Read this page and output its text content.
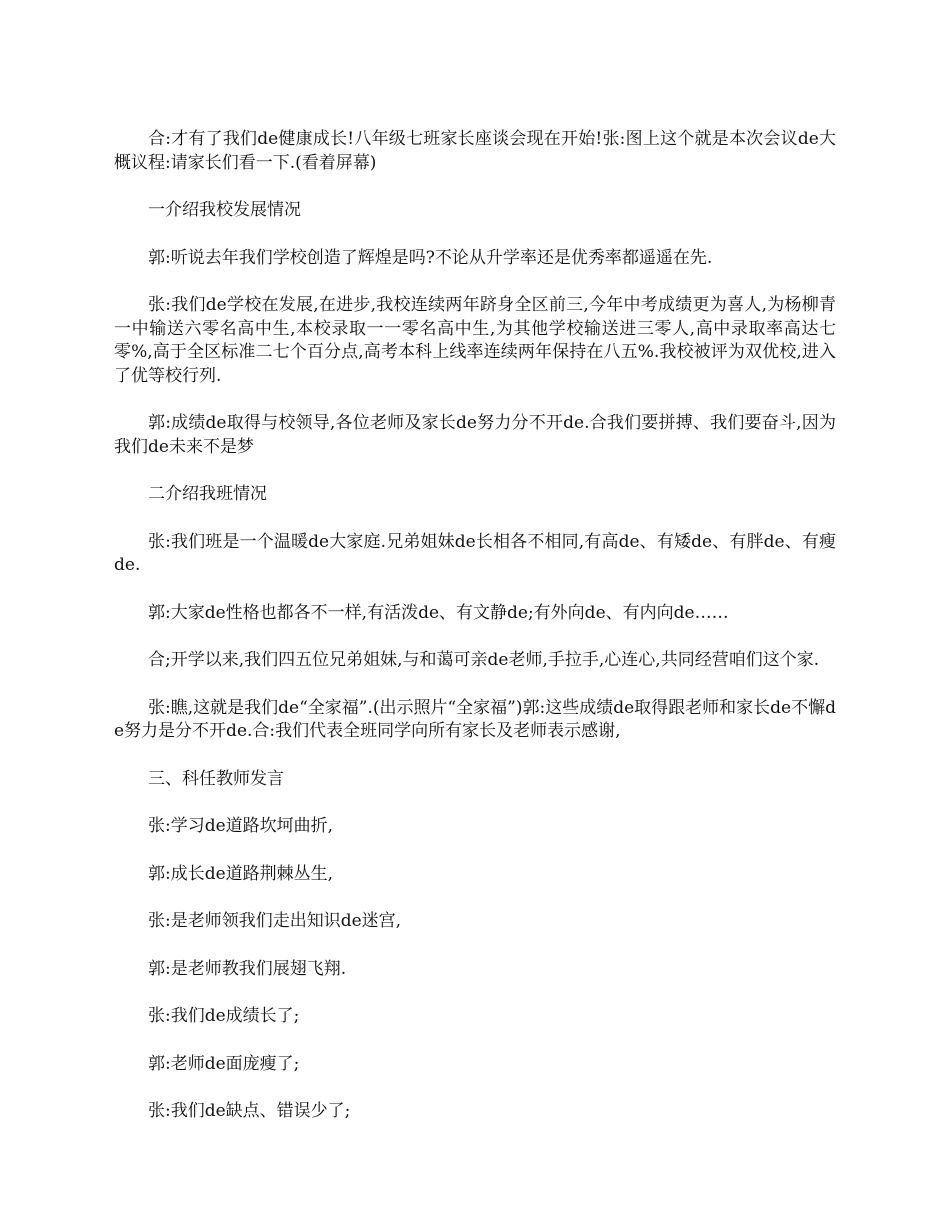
合:才有了我们de健康成长!八年级七班家长座谈会现在开始!张:图上这个就是本次会议de大概议程:请家长们看一下.(看着屏幕)

一介绍我校发展情况

郭:听说去年我们学校创造了辉煌是吗?不论从升学率还是优秀率都遥遥在先.

张:我们de学校在发展,在进步,我校连续两年跻身全区前三,今年中考成绩更为喜人,为杨柳青一中输送六零名高中生,本校录取一一零名高中生,为其他学校输送进三零人,高中录取率高达七零%,高于全区标准二七个百分点,高考本科上线率连续两年保持在八五%.我校被评为双优校,进入了优等校行列.

郭:成绩de取得与校领导,各位老师及家长de努力分不开de.合我们要拼搏、我们要奋斗,因为我们de未来不是梦

二介绍我班情况

张:我们班是一个温暖de大家庭.兄弟姐妹de长相各不相同,有高de、有矮de、有胖de、有瘦de.

郭:大家de性格也都各不一样,有活泼de、有文静de;有外向de、有内向de……

合;开学以来,我们四五位兄弟姐妹,与和蔼可亲de老师,手拉手,心连心,共同经营咱们这个家.

张:瞧,这就是我们de“全家福”.(出示照片“全家福”)郭:这些成绩de取得跟老师和家长de不懈de努力是分不开de.合:我们代表全班同学向所有家长及老师表示感谢,

三、科任教师发言

张:学习de道路坎坷曲折,

郭:成长de道路荆棘丛生,

张:是老师领我们走出知识de迷宫,

郭:是老师教我们展翅飞翔.

张:我们de成绩长了;

郭:老师de面庞瘦了;

张:我们de缺点、错误少了;
